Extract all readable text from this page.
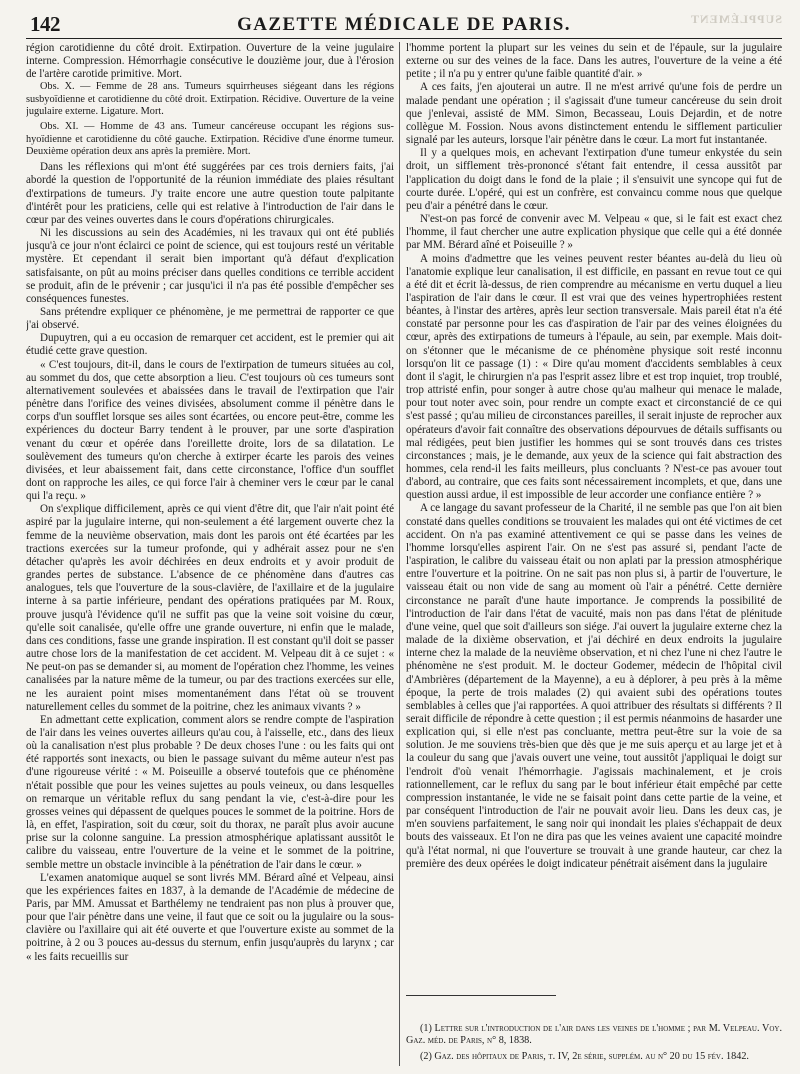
142	GAZETTE MÉDICALE DE PARIS.	SUPPLÉMENT

région carotidienne du côté droit. Extirpation. Ouverture de la veine jugulaire interne. Compression. Hémorrhagie consécutive le douzième jour, due à l'érosion de l'artère carotide primitive. Mort.

Obs. X. — Femme de 28 ans. Tumeurs squirrheuses siégeant dans les régions susbyoïdienne et carotidienne du côté droit. Extirpation. Récidive. Ouverture de la veine jugulaire externe. Ligature. Mort.

Obs. XI. — Homme de 43 ans. Tumeur cancéreuse occupant les régions sus-hyoïdienne et carotidienne du côté gauche. Extirpation. Récidive d'une énorme tumeur. Deuxième opération deux ans après la première. Mort.

Dans les réflexions qui m'ont été suggérées par ces trois derniers faits, j'ai abordé la question de l'opportunité de la réunion immédiate des plaies résultant d'extirpations de tumeurs. J'y traite encore une autre question toute palpitante d'intérêt pour les praticiens, celle qui est relative à l'introduction de l'air dans le cœur par des veines ouvertes dans le cours d'opérations chirurgicales.

Ni les discussions au sein des Académies, ni les travaux qui ont été publiés jusqu'à ce jour n'ont éclairci ce point de science, qui est toujours resté un véritable mystère. Et cependant il serait bien important qu'à défaut d'explication satisfaisante, on pût au moins préciser dans quelles conditions ce terrible accident se produit, afin de le prévenir ; car jusqu'ici il n'a pas été possible d'empêcher ses conséquences funestes.

Sans prétendre expliquer ce phénomène, je me permettrai de rapporter ce que j'ai observé.

Dupuytren, qui a eu occasion de remarquer cet accident, est le premier qui ait étudié cette grave question.

« C'est toujours, dit-il, dans le cours de l'extirpation de tumeurs situées au col, au sommet du dos, que cette absorption a lieu. C'est toujours où ces tumeurs sont alternativement soulevées et abaissées dans le travail de l'extirpation que l'air pénètre dans l'orifice des veines divisées, absolument comme il pénètre dans le corps d'un soufflet lorsque ses ailes sont écartées, ou encore peut-être, comme les expériences du docteur Barry tendent à le prouver, par une sorte d'aspiration venant du cœur et opérée dans l'oreillette droite, lors de sa dilatation. Le soulèvement des tumeurs qu'on cherche à extirper écarte les parois des veines divisées, et leur abaissement fait, dans cette circonstance, l'office d'un soufflet dont on rapproche les ailes, ce qui force l'air à cheminer vers le cœur par le canal qui l'a reçu. »

On s'explique difficilement, après ce qui vient d'être dit, que l'air n'ait point été aspiré par la jugulaire interne, qui non-seulement a été largement ouverte chez la femme de la neuvième observation, mais dont les parois ont été écartées par les tractions exercées sur la tumeur profonde, qui y adhérait assez pour ne s'en détacher qu'après les avoir déchirées en deux endroits et y avoir produit de grandes pertes de substance. L'absence de ce phénomène dans d'autres cas analogues, tels que l'ouverture de la sous-clavière, de l'axillaire et de la jugulaire interne à sa partie inférieure, pendant des opérations pratiquées par M. Roux, prouve jusqu'à l'évidence qu'il ne suffit pas que la veine soit voisine du cœur, qu'elle soit canalisée, qu'elle offre une grande ouverture, ni enfin que le malade, dans ces conditions, fasse une grande inspiration. Il est constant qu'il doit se passer autre chose lors de la manifestation de cet accident. M. Velpeau dit à ce sujet : « Ne peut-on pas se demander si, au moment de l'opération chez l'homme, les veines canalisées par la nature même de la tumeur, ou par des tractions exercées sur elle, ne les auraient point mises momentanément dans l'état où se trouvent naturellement celles du sommet de la poitrine, chez les animaux vivants ? »

En admettant cette explication, comment alors se rendre compte de l'aspiration de l'air dans les veines ouvertes ailleurs qu'au cou, à l'aisselle, etc., dans des lieux où la canalisation n'est plus probable ? De deux choses l'une : ou les faits qui ont été rapportés sont inexacts, ou bien le passage suivant du même auteur n'est pas d'une rigoureuse vérité : « M. Poiseuille a observé toutefois que ce phénomène n'était possible que pour les veines sujettes au pouls veineux, ou dans lesquelles on remarque un véritable reflux du sang pendant la vie, c'est-à-dire pour les grosses veines qui dépassent de quelques pouces le sommet de la poitrine. Hors de là, en effet, l'aspiration, soit du cœur, soit du thorax, ne paraît plus avoir aucune prise sur la colonne sanguine. La pression atmosphérique aplatissant aussitôt le calibre du vaisseau, entre l'ouverture de la veine et le sommet de la poitrine, semble mettre un obstacle invincible à la pénétration de l'air dans le cœur. »

L'examen anatomique auquel se sont livrés MM. Bérard aîné et Velpeau, ainsi que les expériences faites en 1837, à la demande de l'Académie de médecine de Paris, par MM. Amussat et Barthélemy ne tendraient pas non plus à prouver que, pour que l'air pénètre dans une veine, il faut que ce soit ou la jugulaire ou la sous-clavière ou l'axillaire qui ait été ouverte et que l'ouverture existe au sommet de la poitrine, à 2 ou 3 pouces au-dessus du sternum, enfin jusqu'auprès du larynx ; car « les faits recueillis sur

l'homme portent la plupart sur les veines du sein et de l'épaule, sur la jugulaire externe ou sur des veines de la face. Dans les autres, l'ouverture de la veine a été petite ; il n'a pu y entrer qu'une faible quantité d'air. »

A ces faits, j'en ajouterai un autre. Il ne m'est arrivé qu'une fois de perdre un malade pendant une opération ; il s'agissait d'une tumeur cancéreuse du sein droit que j'enlevai, assisté de MM. Simon, Becasseau, Louis Dejardin, et de notre collègue M. Fossion. Nous avons distinctement entendu le sifflement particulier signalé par les auteurs, lorsque l'air pénètre dans le cœur. La mort fut instantanée.

Il y a quelques mois, en achevant l'extirpation d'une tumeur enkystée du sein droit, un sifflement très-prononcé s'étant fait entendre, il cessa aussitôt par l'application du doigt dans le fond de la plaie ; il s'ensuivit une syncope qui fut de courte durée. L'opéré, qui est un confrère, est convaincu comme nous que quelque peu d'air a pénétré dans le cœur.

N'est-on pas forcé de convenir avec M. Velpeau « que, si le fait est exact chez l'homme, il faut chercher une autre explication physique que celle qui a été donnée par MM. Bérard aîné et Poiseuille ? »

A moins d'admettre que les veines peuvent rester béantes au-delà du lieu où l'anatomie explique leur canalisation, il est difficile, en passant en revue tout ce qui a été dit et écrit là-dessus, de rien comprendre au mécanisme en vertu duquel a lieu l'aspiration de l'air dans le cœur. Il est vrai que des veines hypertrophiées restent béantes, à l'instar des artères, après leur section transversale. Mais pareil état n'a été constaté par personne pour les cas d'aspiration de l'air par des veines éloignées du cœur, après des extirpations de tumeurs à l'épaule, au sein, par exemple. Mais doit-on s'étonner que le mécanisme de ce phénomène physique soit resté inconnu lorsqu'on lit ce passage (1) : « Dire qu'au moment d'accidents semblables à ceux dont il s'agit, le chirurgien n'a pas l'esprit assez libre et est trop inquiet, trop troublé, trop attristé enfin, pour songer à autre chose qu'au malheur qui menace le malade, pour tout noter avec soin, pour rendre un compte exact et circonstancié de ce qui s'est passé ; qu'au milieu de circonstances pareilles, il serait injuste de reprocher aux opérateurs d'avoir fait connaître des observations dépourvues de détails suffisants ou mal rédigées, peut bien justifier les hommes qui se sont trouvés dans ces tristes circonstances ; mais, je le demande, aux yeux de la science qui fait abstraction des hommes, cela rend-il les faits meilleurs, plus concluants ? N'est-ce pas avouer tout d'abord, au contraire, que ces faits sont nécessairement incomplets, et que, dans une question aussi ardue, il est impossible de leur accorder une confiance entière ? »

A ce langage du savant professeur de la Charité, il ne semble pas que l'on ait bien constaté dans quelles conditions se trouvaient les malades qui ont été victimes de cet accident. On n'a pas examiné attentivement ce qui se passe dans les veines de l'homme lorsqu'elles aspirent l'air. On ne s'est pas assuré si, pendant l'acte de l'aspiration, le calibre du vaisseau était ou non aplati par la pression atmosphérique entre l'ouverture et la poitrine. On ne sait pas non plus si, à partir de l'ouverture, le vaisseau était ou non vide de sang au moment où l'air a pénétré. Cette dernière circonstance ne paraît d'une haute importance. Je comprends la possibilité de l'introduction de l'air dans l'état de vacuité, mais non pas dans l'état de plénitude d'une veine, quel que soit d'ailleurs son siége. J'ai ouvert la jugulaire externe chez la malade de la dixième observation, et j'ai déchiré en deux endroits la jugulaire interne chez la malade de la neuvième observation, et ni chez l'une ni chez l'autre le phénomène ne s'est produit. M. le docteur Godemer, médecin de l'hôpital civil d'Ambrières (département de la Mayenne), a eu à déplorer, à peu près à la même époque, la perte de trois malades (2) qui avaient subi des opérations toutes semblables à celles que j'ai rapportées. A quoi attribuer des résultats si différents ? Il serait difficile de répondre à cette question ; il est permis néanmoins de hasarder une explication qui, si elle n'est pas concluante, mettra peut-être sur la voie de sa solution. Je me souviens très-bien que dès que je me suis aperçu et au large jet et à la couleur du sang que j'avais ouvert une veine, tout aussitôt j'appliquai le doigt sur l'endroit d'où venait l'hémorrhagie. J'agissais machinalement, et je crois rationnellement, car le reflux du sang par le bout inférieur était empêché par cette compression instantanée, le vide ne se faisait point dans cette partie de la veine, et par conséquent l'introduction de l'air ne pouvait avoir lieu. Dans les deux cas, je m'en souviens parfaitement, le sang noir qui inondait les plaies s'échappait de deux bouts des vaisseaux. Et l'on ne dira pas que les veines avaient une capacité moindre qu'à l'état normal, ni que l'ouverture se trouvait à une grande hauteur, car chez la première des deux opérées le doigt indicateur pénétrait aisément dans la jugulaire

(1) Lettre sur l'introduction de l'air dans les veines de l'homme ; par M. Velpeau. Voy. Gaz. méd. de Paris, n° 8, 1838.

(2) Gaz. des hôpitaux de Paris, t. IV, 2e série, supplém. au n° 20 du 15 fév. 1842.
